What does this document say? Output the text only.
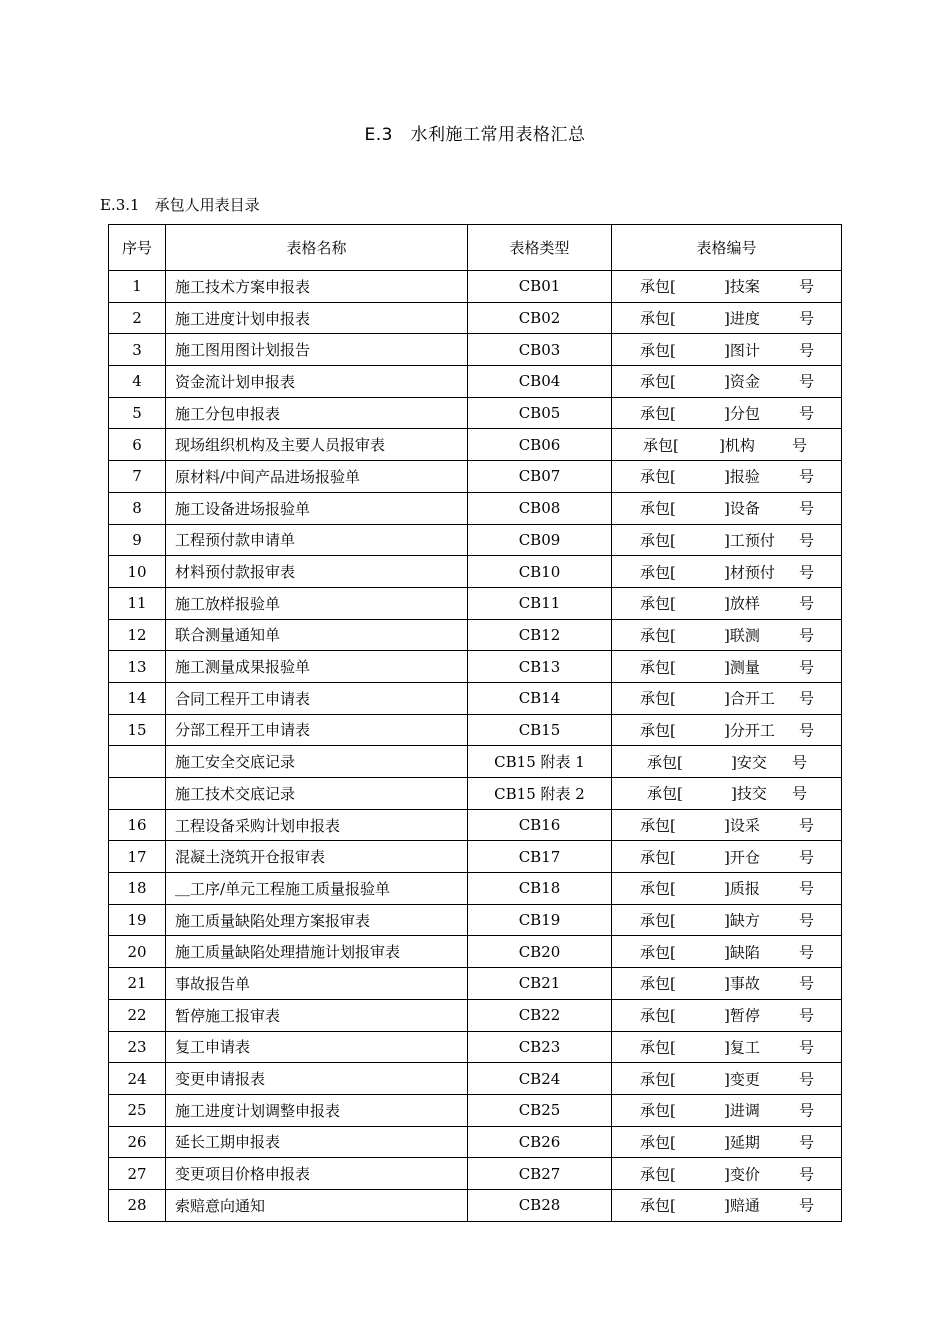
E.3　水利施工常用表格汇总
E.3.1　承包人用表目录
序号	表格名称	表格类型	表格编号
1	施工技术方案申报表	CB01	承包[ ]技案 号

2	施工进度计划申报表	CB02	承包[ ]进度 号

3	施工图用图计划报告	CB03	承包[ ]图计 号

4	资金流计划申报表	CB04	承包[ ]资金 号

5	施工分包申报表	CB05	承包[ ]分包 号

6	现场组织机构及主要人员报审表	CB06	承包[ ]机构 号

7	原材料/中间产品进场报验单	CB07	承包[ ]报验 号

8	施工设备进场报验单	CB08	承包[ ]设备 号

9	工程预付款申请单	CB09	承包[ ]工预付 号

10	材料预付款报审表	CB10	承包[ ]材预付 号

11	施工放样报验单	CB11	承包[ ]放样 号

12	联合测量通知单	CB12	承包[ ]联测 号

13	施工测量成果报验单	CB13	承包[ ]测量 号

14	合同工程开工申请表	CB14	承包[ ]合开工 号

15	分部工程开工申请表	CB15	承包[ ]分开工 号

	施工安全交底记录	CB15 附表 1	承包[ ]安交 号

	施工技术交底记录	CB15 附表 2	承包[ ]技交 号

16	工程设备采购计划申报表	CB16	承包[ ]设采 号

17	混凝土浇筑开仓报审表	CB17	承包[ ]开仓 号

18	＿工序/单元工程施工质量报验单	CB18	承包[ ]质报 号

19	施工质量缺陷处理方案报审表	CB19	承包[ ]缺方 号

20	施工质量缺陷处理措施计划报审表	CB20	承包[ ]缺陷 号

21	事故报告单	CB21	承包[ ]事故 号

22	暂停施工报审表	CB22	承包[ ]暂停 号

23	复工申请表	CB23	承包[ ]复工 号

24	变更申请报表	CB24	承包[ ]变更 号

25	施工进度计划调整申报表	CB25	承包[ ]进调 号

26	延长工期申报表	CB26	承包[ ]延期 号

27	变更项目价格申报表	CB27	承包[ ]变价 号

28	索赔意向通知	CB28	承包[ ]赔通 号
